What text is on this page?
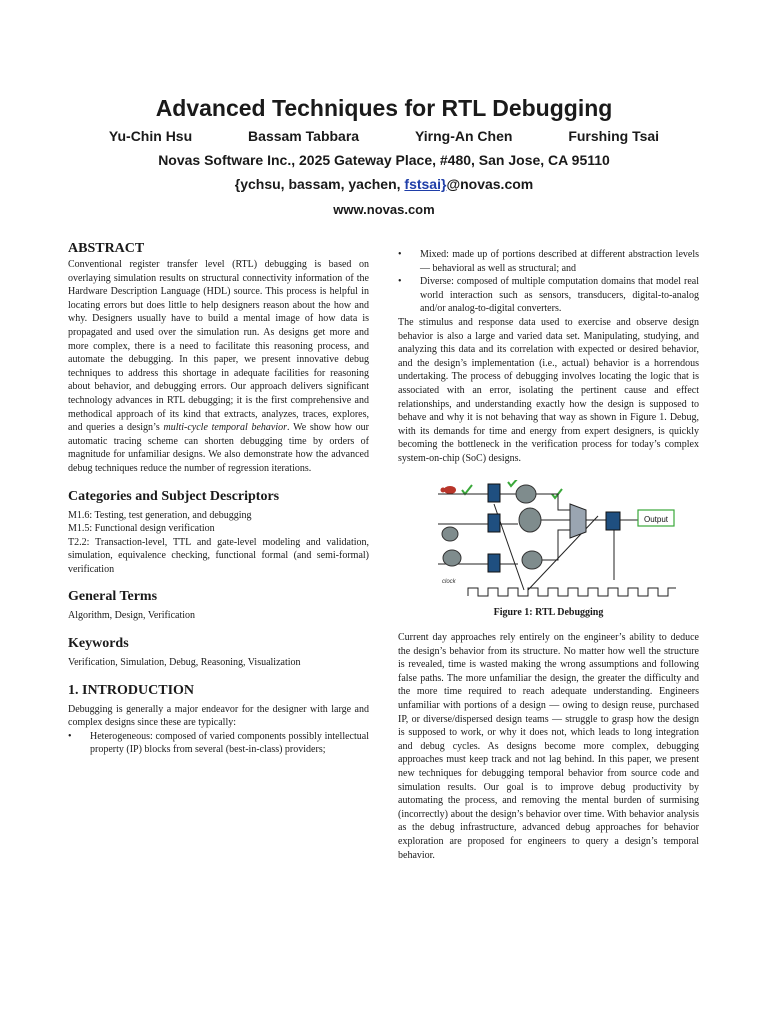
Advanced Techniques for RTL Debugging
Yu-Chin Hsu	Bassam Tabbara	Yirng-An Chen	Furshing Tsai
Novas Software Inc., 2025 Gateway Place, #480, San Jose, CA 95110
{ychsu, bassam, yachen, fstsai}@novas.com
www.novas.com
ABSTRACT

Conventional register transfer level (RTL) debugging is based on overlaying simulation results on structural connectivity information of the Hardware Description Language (HDL) source. This process is helpful in locating errors but does little to help designers reason about the how and why. Designers usually have to build a mental image of how data is propagated and used over the simulation run. As designs get more and more complex, there is a need to facilitate this reasoning process, and automate the debugging. In this paper, we present innovative debug techniques to address this shortage in adequate facilities for reasoning about behavior, and debugging errors. Our approach delivers significant technology advances in RTL debugging; it is the first comprehensive and methodical approach of its kind that extracts, analyzes, traces, explores, and queries a design’s multi-cycle temporal behavior. We show how our automatic tracing scheme can shorten debugging time by orders of magnitude for unfamiliar designs. We also demonstrate how the advanced debug techniques reduce the number of regression iterations.

Categories and Subject Descriptors

M1.6: Testing, test generation, and debugging

M1.5: Functional design verification

T2.2: Transaction-level, TTL and gate-level modeling and validation, simulation, equivalence checking, functional formal (and semi-formal) verification

General Terms

Algorithm, Design, Verification

Keywords

Verification, Simulation, Debug, Reasoning, Visualization

1. INTRODUCTION

Debugging is generally a major endeavor for the designer with large and complex designs since these are typically:

• Heterogeneous: composed of varied components possibly intellectual property (IP) blocks from several (best-in-class) providers;
• Mixed: made up of portions described at different abstraction levels — behavioral as well as structural; and
• Diverse: composed of multiple computation domains that model real world interaction such as sensors, transducers, digital-to-analog and/or analog-to-digital converters.

The stimulus and response data used to exercise and observe design behavior is also a large and varied data set. Manipulating, studying, and analyzing this data and its correlation with expected or desired behavior, and the design’s implementation (i.e., actual) behavior is a horrendous undertaking. The process of debugging involves locating the logic that is associated with an error, isolating the pertinent cause and effect relationships, and understanding exactly how the design is supposed to behave and why it is not behaving that way as shown in Figure 1. Debug, with its demands for time and energy from expert designers, is quickly becoming the bottleneck in the verification process for today’s complex system-on-chip (SoC) designs.

Output
clock
Figure 1: RTL Debugging

Current day approaches rely entirely on the engineer’s ability to deduce the design’s behavior from its structure. No matter how well the structure is revealed, time is wasted making the wrong assumptions and following false paths. The more unfamiliar the design, the greater the difficulty and the more time required to reach adequate understanding. Engineers unfamiliar with portions of a design — owing to design reuse, purchased IP, or diverse/dispersed design teams — struggle to grasp how the design is supposed to work, or why it does not, which leads to long integration and debug cycles. As designs become more complex, debugging approaches must keep track and not lag behind. In this paper, we present new techniques for debugging temporal behavior from source code and simulation results. Our goal is to improve debug productivity by automating the process, and removing the mental burden of surmising (incorrectly) about the design’s behavior over time. With behavior analysis as the debug infrastructure, advanced debug approaches for behavior exploration are proposed for engineers to query a design’s temporal behavior.
